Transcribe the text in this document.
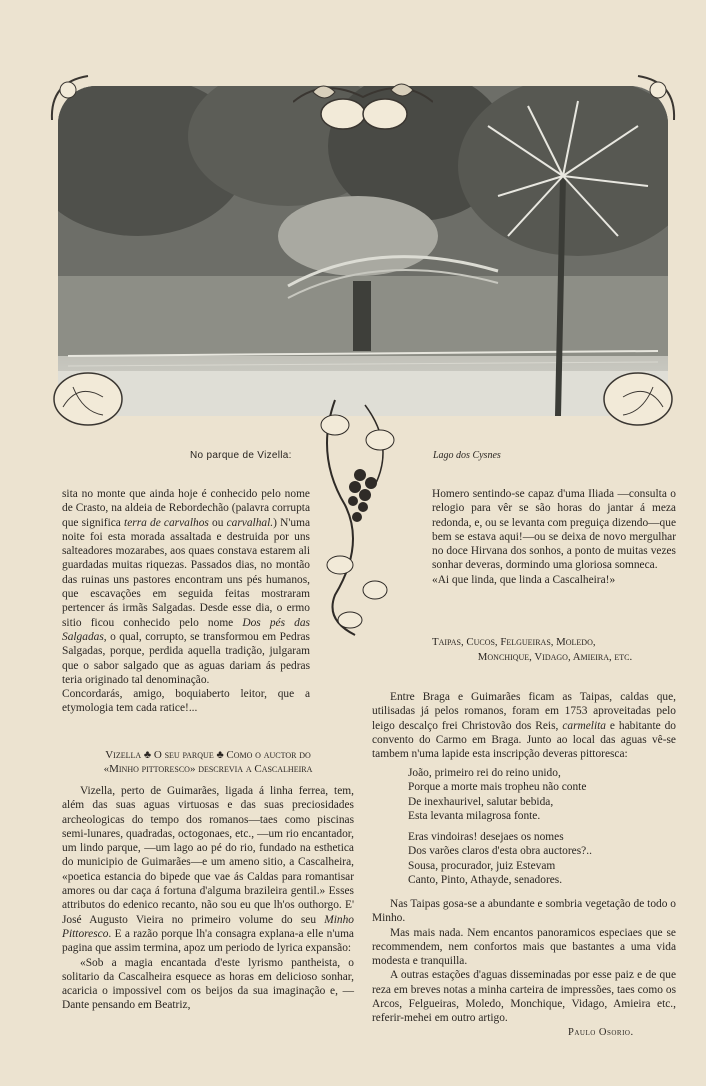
No parque de Vizella:	Lago dos Cysnes

sita no monte que ainda hoje é conhecido pelo nome de Crasto, na aldeia de Rebordechão (palavra corrupta que significa terra de carvalhos ou carvalhal.) N'uma noite foi esta morada assaltada e destruida por uns salteadores mozarabes, aos quaes constava estarem ali guardadas muitas riquezas. Passados dias, no montão das ruinas uns pastores encontram uns pés humanos, que escavações em seguida feitas mostraram pertencer ás irmãs Salgadas. Desde esse dia, o ermo sitio ficou conhecido pelo nome Dos pés das Salgadas, o qual, corrupto, se transformou em Pedras Salgadas, porque, perdida aquella tradição, julgaram que o sabor salgado que as aguas dariam ás pedras teria originado tal denominação.

Concordarás, amigo, boquiaberto leitor, que a etymologia tem cada ratice!...

Vizella ♣ O seu parque ♣ Como o auctor do
«Minho pittoresco» descrevia a Cascalheira

Vizella, perto de Guimarães, ligada á linha ferrea, tem, além das suas aguas virtuosas e das suas preciosidades archeologicas do tempo dos romanos—taes como piscinas semi-lunares, quadradas, octogonaes, etc., —um rio encantador, um lindo parque, —um lago ao pé do rio, fundado na esthetica do municipio de Guimarães—e um ameno sitio, a Cascalheira, «poetica estancia do bipede que vae ás Caldas para romantisar amores ou dar caça á fortuna d'alguma brazileira gentil.» Esses attributos do edenico recanto, não sou eu que lh'os outhorgo. E' José Augusto Vieira no primeiro volume do seu Minho Pittoresco. E a razão porque lh'a consagra explana-a elle n'uma pagina que assim termina, apoz um periodo de lyrica expansão:

«Sob a magia encantada d'este lyrismo pantheista, o solitario da Cascalheira esquece as horas em delicioso sonhar, acaricia o impossivel com os beijos da sua imaginação e, —Dante pensando em Beatriz,

Homero sentindo-se capaz d'uma Iliada —consulta o relogio para vêr se são horas do jantar á meza redonda, e, ou se levanta com preguiça dizendo—que bem se estava aqui!—ou se deixa de novo mergulhar no doce Hirvana dos sonhos, a ponto de muitas vezes sonhar deveras, dormindo uma gloriosa somneca.

«Ai que linda, que linda a Cascalheira!»

Taipas, Cucos, Felgueiras, Moledo,
Monchique, Vidago, Amieira, etc.

Entre Braga e Guimarães ficam as Taipas, caldas que, utilisadas já pelos romanos, foram em 1753 aproveitadas pelo leigo descalço frei Christovão dos Reis, carmelita e habitante do convento do Carmo em Braga. Junto ao local das aguas vê-se tambem n'uma lapide esta inscripção deveras pittoresca:

João, primeiro rei do reino unido,
Porque a morte mais tropheu não conte
De inexhaurivel, salutar bebida,
Esta levanta milagrosa fonte.
Eras vindoiras! desejaes os nomes
Dos varões claros d'esta obra auctores?..
Sousa, procurador, juiz Estevam
Canto, Pinto, Athayde, senadores.

Nas Taipas gosa-se a abundante e sombria vegetação de todo o Minho.

Mas mais nada. Nem encantos panoramicos especiaes que se recommendem, nem confortos mais que bastantes a uma vida modesta e tranquilla.

A outras estações d'aguas disseminadas por esse paiz e de que reza em breves notas a minha carteira de impressões, taes como os Arcos, Felgueiras, Moledo, Monchique, Vidago, Amieira etc., referir-mehei em outro artigo.

Paulo Osorio.
